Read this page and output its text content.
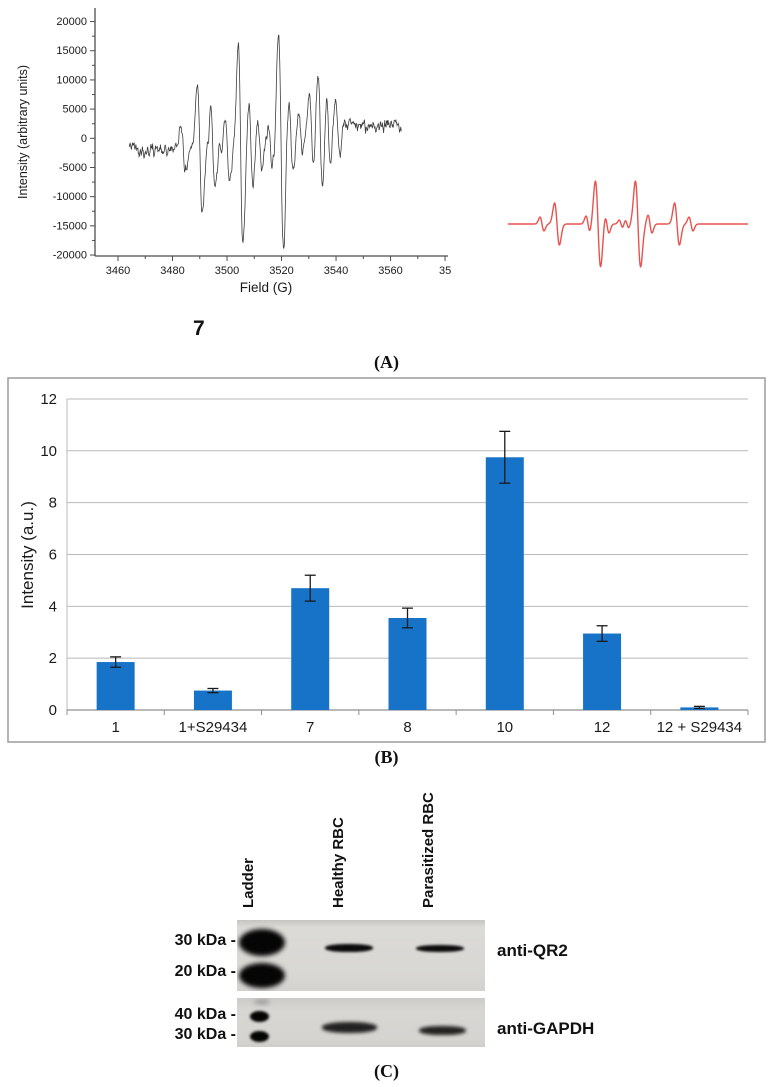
20000
15000
10000
5000
0
-5000
-10000
-15000
-20000
3460	3480	3500	3520	3540	3560	35
Field (G)
Intensity (arbitrary units)
7
(A)
0
2
4
6
8
10
12
Intensity (a.u.)
1	1+S29434	7	8	10	12	12 + S29434
(B)
Ladder	Healthy RBC	Parasitized RBC
30 kDa -
20 kDa -
40 kDa -
30 kDa -
anti-QR2
anti-GAPDH
(C)
